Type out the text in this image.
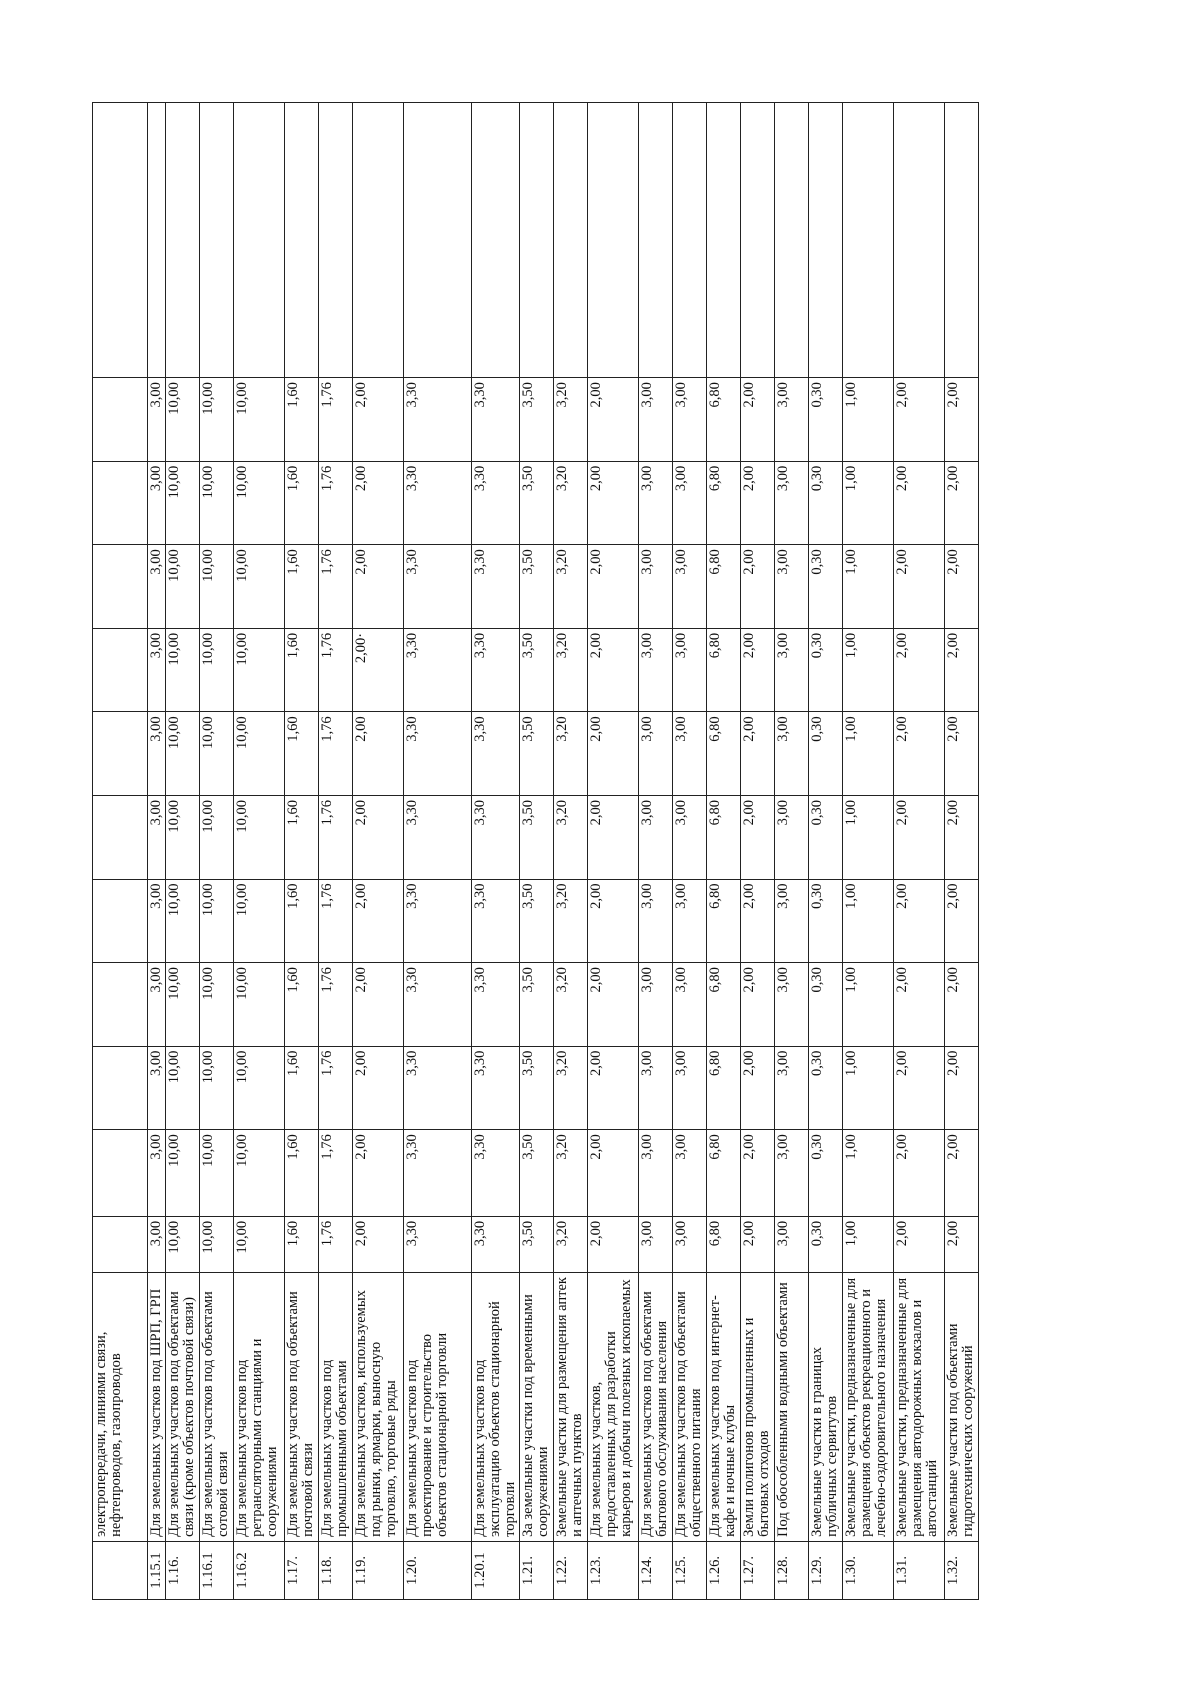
	электропередачи, линиями связи, нефтепроводов, газопроводов												
1.15.1	Для земельных участков под ШРП, ГРП	3,00	3,00	3,00	3,00	3,00	3,00	3,00	3,00	3,00	3,00	3,00	
1.16.	Для земельных участков под объектами связи (кроме объектов почтовой связи)	10,00	10,00	10,00	10,00	10,00	10,00	10,00	10,00	10,00	10,00	10,00	
1.16.1	Для земельных участков под объектами сотовой связи	10,00	10,00	10,00	10,00	10,00	10,00	10,00	10,00	10,00	10,00	10,00	
1.16.2	Для земельных участков под ретрансляторными станциями и сооружениями	10,00	10,00	10,00	10,00	10,00	10,00	10,00	10,00	10,00	10,00	10,00	
1.17.	Для земельных участков под объектами почтовой связи	1,60	1,60	1,60	1,60	1,60	1,60	1,60	1,60	1,60	1,60	1,60	
1.18.	Для земельных участков под промышленными объектами	1,76	1,76	1,76	1,76	1,76	1,76	1,76	1,76	1,76	1,76	1,76	
1.19.	Для земельных участков, используемых под рынки, ярмарки, выносную торговлю, торговые ряды	2,00	2,00	2,00	2,00	2,00	2,00	2,00	2,00·	2,00	2,00	2,00	
1.20.	Для земельных участков под проектирование и строительство объектов стационарной торговли	3,30	3,30	3,30	3,30	3,30	3,30	3,30	3,30	3,30	3,30	3,30	
1.20.1	Для земельных участков под эксплуатацию объектов стационарной торговли	3,30	3,30	3,30	3,30	3,30	3,30	3,30	3,30	3,30	3,30	3,30	
1.21.	За земельные участки под временными сооружениями	3,50	3,50	3,50	3,50	3,50	3,50	3,50	3,50	3,50	3,50	3,50	
1.22.	Земельные участки для размещения аптек и аптечных пунктов	3,20	3,20	3,20	3,20	3,20	3,20	3,20	3,20	3,20	3,20	3,20	
1.23.	Для земельных участков, предоставленных для разработки карьеров и добычи полезных ископаемых	2,00	2,00	2,00	2,00	2,00	2,00	2,00	2,00	2,00	2,00	2,00	
1.24.	Для земельных участков под объектами бытового обслуживания населения	3,00	3,00	3,00	3,00	3,00	3,00	3,00	3,00	3,00	3,00	3,00	
1.25.	Для земельных участков под объектами общественного питания	3,00	3,00	3,00	3,00	3,00	3,00	3,00	3,00	3,00	3,00	3,00	
1.26.	Для земельных участков под интернет-кафе и ночные клубы	6,80	6,80	6,80	6,80	6,80	6,80	6,80	6,80	6,80	6,80	6,80	
1.27.	Земли полигонов промышленных и бытовых отходов	2,00	2,00	2,00	2,00	2,00	2,00	2,00	2,00	2,00	2,00	2,00	
1.28.	Под обособленными водными объектами	3,00	3,00	3,00	3,00	3,00	3,00	3,00	3,00	3,00	3,00	3,00	
1.29.	Земельные участки в границах публичных сервитутов	0,30	0,30	0,30	0,30	0,30	0,30	0,30	0,30	0,30	0,30	0,30	
1.30.	Земельные участки, предназначенные для размещения объектов рекреационного и лечебно-оздоровительного назначения	1,00	1,00	1,00	1,00	1,00	1,00	1,00	1,00	1,00	1,00	1,00	
1.31.	Земельные участки, предназначенные для размещения автодорожных вокзалов и автостанций	2,00	2,00	2,00	2,00	2,00	2,00	2,00	2,00	2,00	2,00	2,00	
1.32.	Земельные участки под объектами гидротехнических сооружений	2,00	2,00	2,00	2,00	2,00	2,00	2,00	2,00	2,00	2,00	2,00	
